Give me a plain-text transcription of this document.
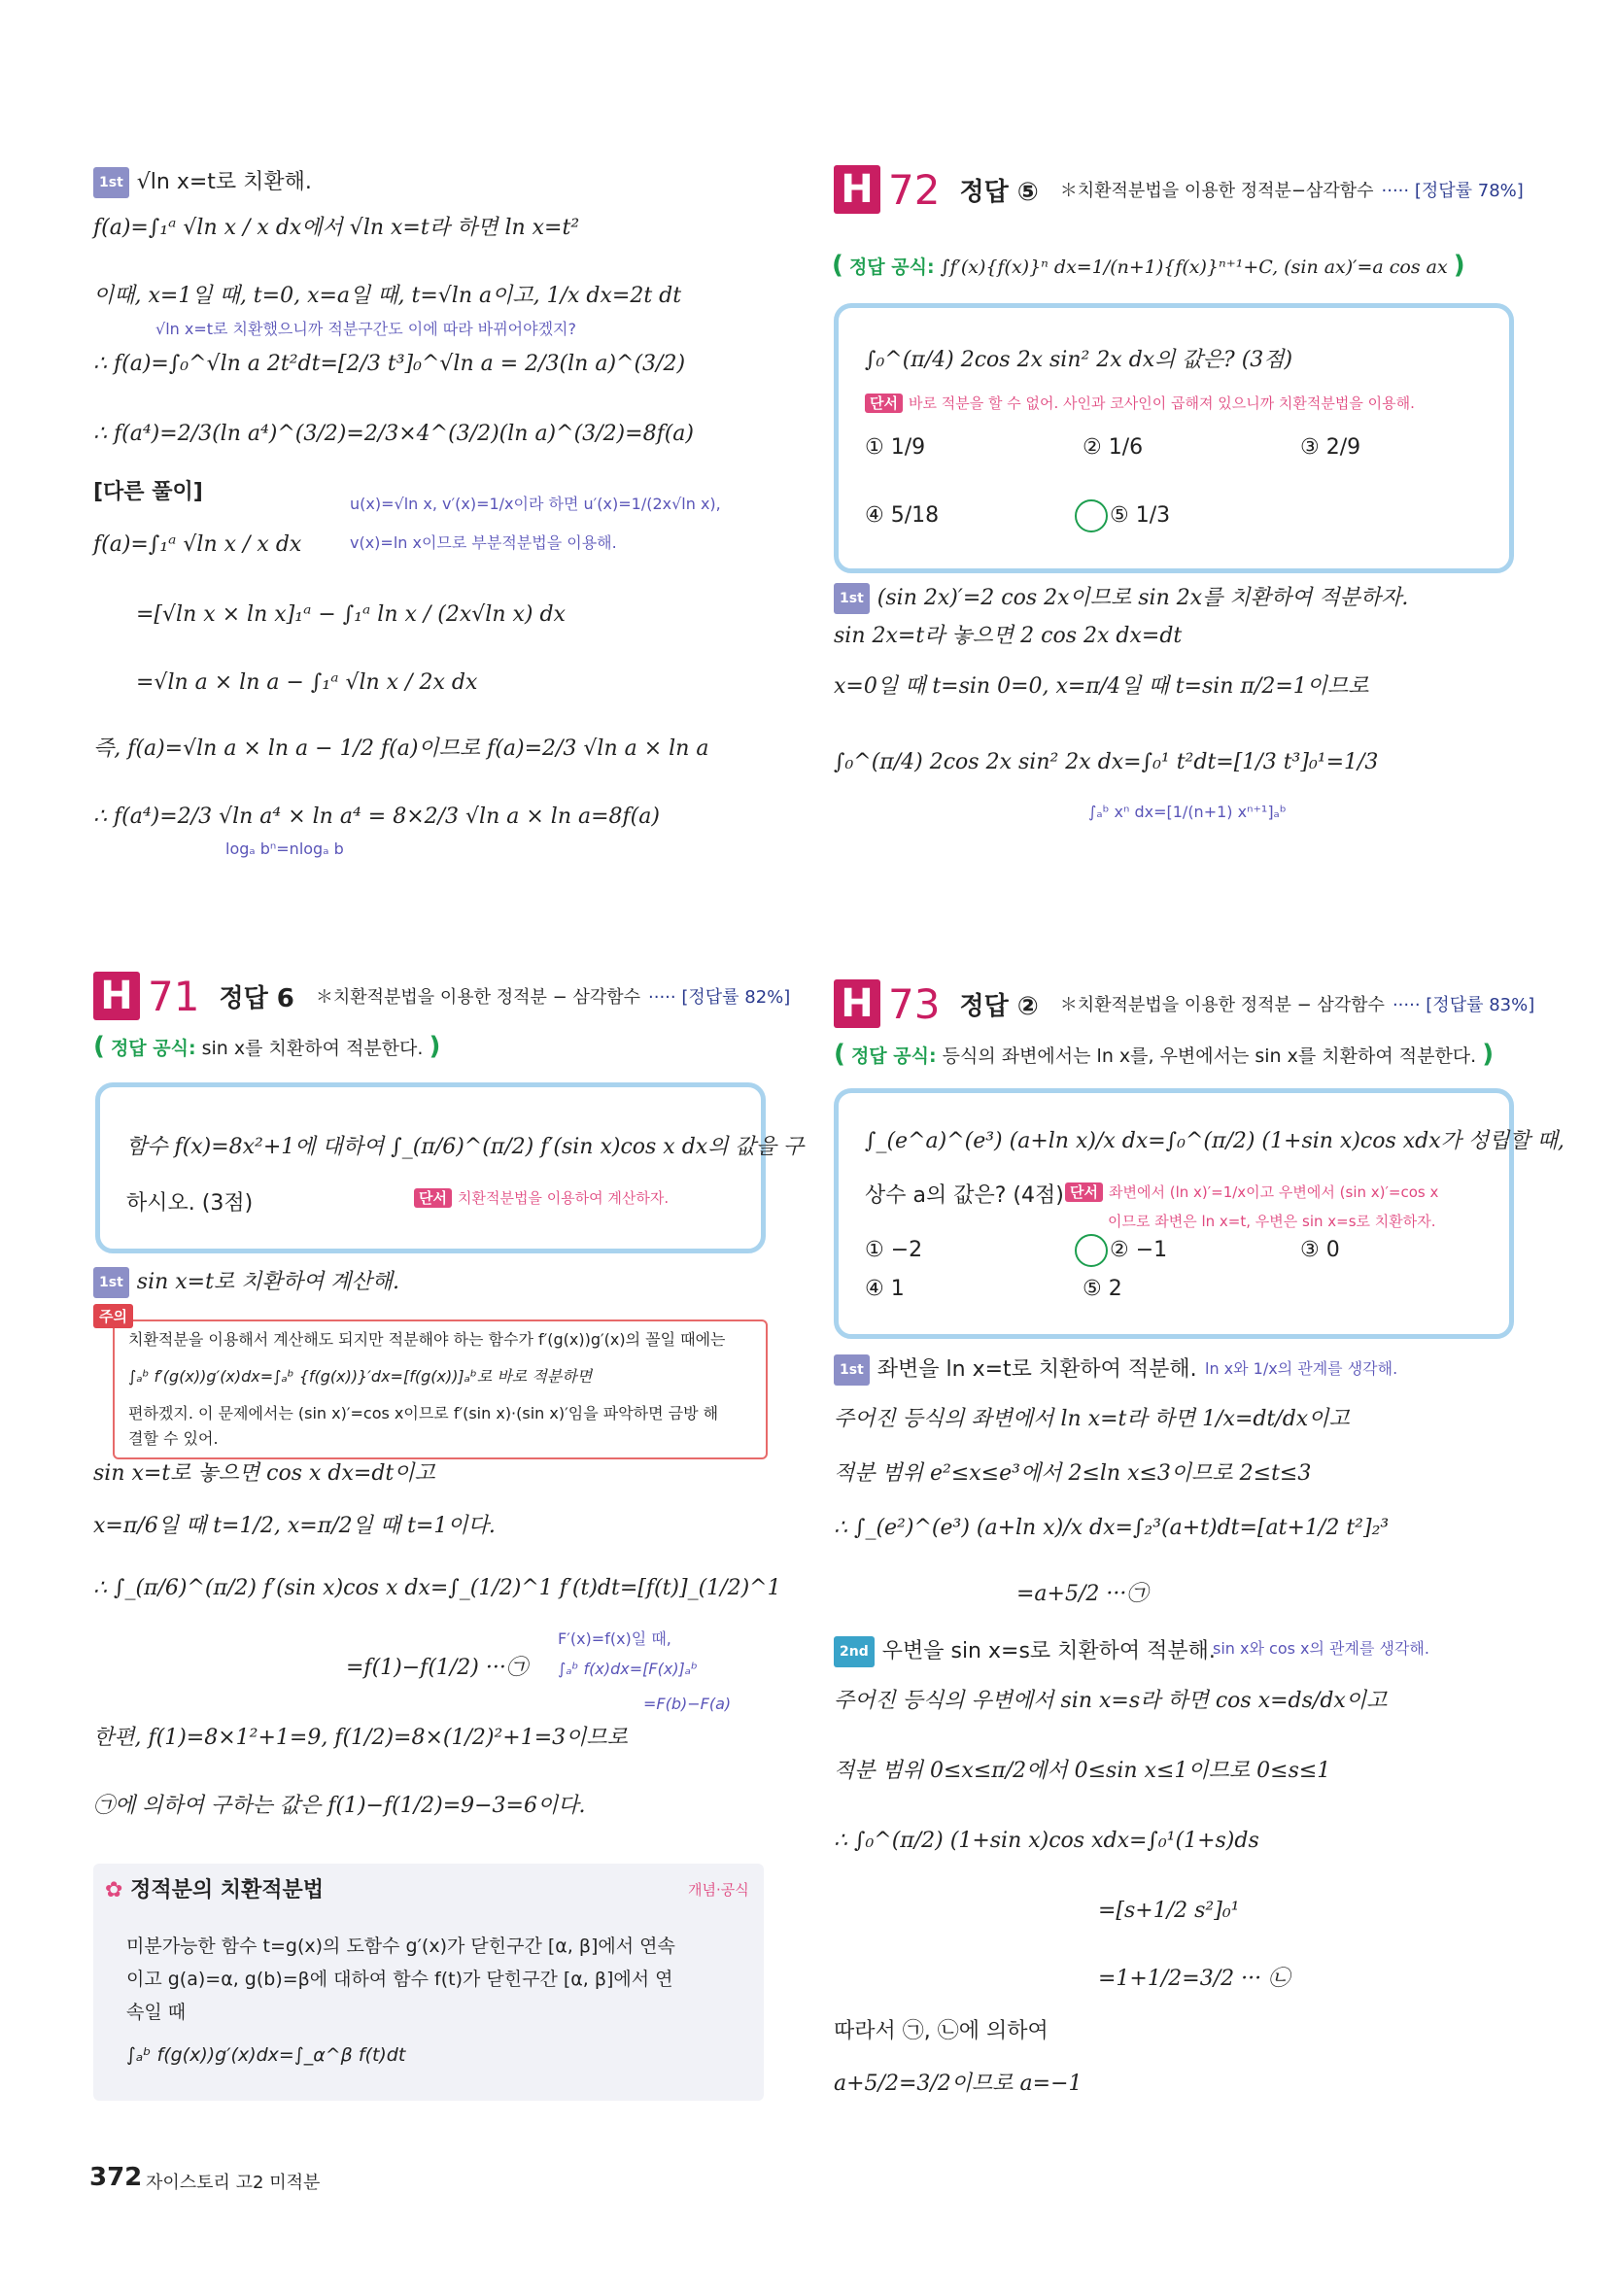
1st √ln x=t로 치환해.
f(a)=∫₁ᵃ √ln x / x dx에서 √ln x=t라 하면 ln x=t²
이때, x=1일 때, t=0, x=a일 때, t=√ln a이고, 1/x dx=2t dt
√ln x=t로 치환했으니까 적분구간도 이에 따라 바뀌어야겠지?
∴ f(a)=∫₀^√ln a 2t²dt=[2/3 t³]₀^√ln a = 2/3(ln a)^(3/2)
∴ f(a⁴)=2/3(ln a⁴)^(3/2)=2/3×4^(3/2)(ln a)^(3/2)=8f(a)
[다른 풀이]	u(x)=√ln x, v′(x)=1/x이라 하면 u′(x)=1/(2x√ln x),
v(x)=ln x이므로 부분적분법을 이용해.
f(a)=∫₁ᵃ √ln x / x dx
=[√ln x × ln x]₁ᵃ − ∫₁ᵃ ln x / (2x√ln x) dx
=√ln a × ln a − ∫₁ᵃ √ln x / 2x dx
즉, f(a)=√ln a × ln a − 1/2 f(a)이므로 f(a)=2/3 √ln a × ln a
∴ f(a⁴)=2/3 √ln a⁴ × ln a⁴ = 8×2/3 √ln a × ln a=8f(a)
logₐ bⁿ=nlogₐ b
H 72 정답 ⑤ ＊치환적분법을 이용한 정적분−삼각함수 ····· [정답률 78%]
( 정답 공식: ∫f′(x){f(x)}ⁿ dx=1/(n+1){f(x)}ⁿ⁺¹+C, (sin ax)′=a cos ax )
∫₀^(π/4) 2cos 2x sin² 2x dx의 값은? (3점)
단서 바로 적분을 할 수 없어. 사인과 코사인이 곱해져 있으니까 치환적분법을 이용해.
① 1/9	② 1/6	③ 2/9
④ 5/18	⑤ 1/3
1st (sin 2x)′=2 cos 2x이므로 sin 2x를 치환하여 적분하자.
sin 2x=t라 놓으면 2 cos 2x dx=dt
x=0일 때 t=sin 0=0, x=π/4일 때 t=sin π/2=1이므로
∫₀^(π/4) 2cos 2x sin² 2x dx=∫₀¹ t²dt=[1/3 t³]₀¹=1/3
∫ₐᵇ xⁿ dx=[1/(n+1) xⁿ⁺¹]ₐᵇ
H 71 정답 6 ＊치환적분법을 이용한 정적분 − 삼각함수 ····· [정답률 82%]
( 정답 공식: sin x를 치환하여 적분한다. )
함수 f(x)=8x²+1에 대하여 ∫_(π/6)^(π/2) f′(sin x)cos x dx의 값을 구
하시오. (3점)	단서 치환적분법을 이용하여 계산하자.
1st sin x=t로 치환하여 계산해.
주의
치환적분을 이용해서 계산해도 되지만 적분해야 하는 함수가 f′(g(x))g′(x)의 꼴일 때에는
∫ₐᵇ f′(g(x))g′(x)dx=∫ₐᵇ {f(g(x))}′dx=[f(g(x))]ₐᵇ로 바로 적분하면
편하겠지. 이 문제에서는 (sin x)′=cos x이므로 f′(sin x)·(sin x)′임을 파악하면 금방 해
결할 수 있어.
sin x=t로 놓으면 cos x dx=dt이고
x=π/6일 때 t=1/2, x=π/2일 때 t=1이다.
∴ ∫_(π/6)^(π/2) f′(sin x)cos x dx=∫_(1/2)^1 f′(t)dt=[f(t)]_(1/2)^1
F′(x)=f(x)일 때,
=f(1)−f(1/2) ···㉠ ∫ₐᵇ f(x)dx=[F(x)]ₐᵇ
=F(b)−F(a)
한편, f(1)=8×1²+1=9, f(1/2)=8×(1/2)²+1=3이므로
㉠에 의하여 구하는 값은 f(1)−f(1/2)=9−3=6이다.
✿ 정적분의 치환적분법	개념·공식
미분가능한 함수 t=g(x)의 도함수 g′(x)가 닫힌구간 [α, β]에서 연속
이고 g(a)=α, g(b)=β에 대하여 함수 f(t)가 닫힌구간 [α, β]에서 연
속일 때
∫ₐᵇ f(g(x))g′(x)dx=∫_α^β f(t)dt
H 73 정답 ② ＊치환적분법을 이용한 정적분 − 삼각함수 ····· [정답률 83%]
( 정답 공식: 등식의 좌변에서는 ln x를, 우변에서는 sin x를 치환하여 적분한다. )
∫_(e^a)^(e³) (a+ln x)/x dx=∫₀^(π/2) (1+sin x)cos xdx가 성립할 때,
상수 a의 값은? (4점) 단서 좌변에서 (ln x)′=1/x이고 우변에서 (sin x)′=cos x
이므로 좌변은 ln x=t, 우변은 sin x=s로 치환하자.
① −2	② −1	③ 0
④ 1	⑤ 2
1st 좌변을 ln x=t로 치환하여 적분해. ln x와 1/x의 관계를 생각해.
주어진 등식의 좌변에서 ln x=t라 하면 1/x=dt/dx이고
적분 범위 e²≤x≤e³에서 2≤ln x≤3이므로 2≤t≤3
∴ ∫_(e²)^(e³) (a+ln x)/x dx=∫₂³(a+t)dt=[at+1/2 t²]₂³
=a+5/2 ···㉠
2nd 우변을 sin x=s로 치환하여 적분해.
sin x와 cos x의 관계를 생각해.
주어진 등식의 우변에서 sin x=s라 하면 cos x=ds/dx이고
적분 범위 0≤x≤π/2에서 0≤sin x≤1이므로 0≤s≤1
∴ ∫₀^(π/2) (1+sin x)cos xdx=∫₀¹(1+s)ds
=[s+1/2 s²]₀¹
=1+1/2=3/2 ··· ㉡
따라서 ㉠, ㉡에 의하여
a+5/2=3/2이므로 a=−1
372 자이스토리 고2 미적분
